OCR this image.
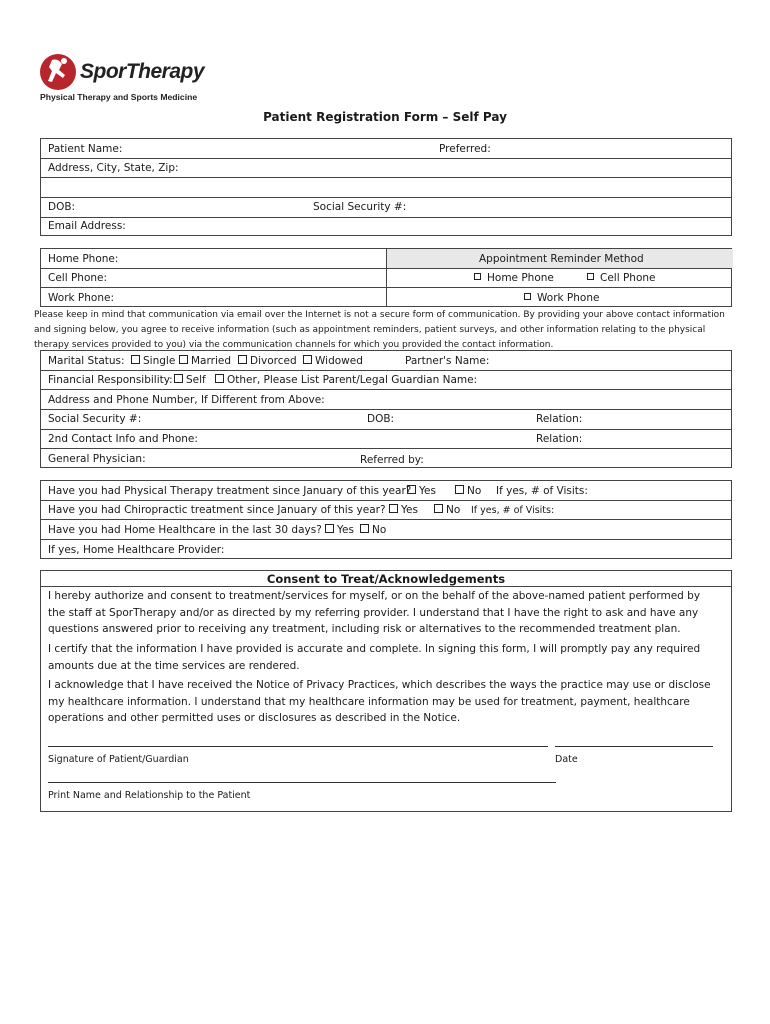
SporTherapy
Physical Therapy and Sports Medicine
Patient Registration Form – Self Pay
Patient Name:	Preferred:
Address, City, State, Zip:
DOB:	Social Security #:
Email Address:
Home Phone:	Appointment Reminder Method
Cell Phone:	Home Phone	Cell Phone
Work Phone:	Work Phone
Please keep in mind that communication via email over the Internet is not a secure form of communication. By providing your above contact information and signing below, you agree to receive information (such as appointment reminders, patient surveys, and other information relating to the physical therapy services provided to you) via the communication channels for which you provided the contact information.
Marital Status:	Single	Married	Divorced	Widowed	Partner's Name:
Financial Responsibility:	Self	Other, Please List Parent/Legal Guardian Name:
Address and Phone Number, If Different from Above:
Social Security #:	DOB:	Relation:
2nd Contact Info and Phone:	Relation:
General Physician:	Referred by:
Have you had Physical Therapy treatment since January of this year? Yes	No If yes, # of Visits:
Have you had Chiropractic treatment since January of this year?	Yes	No If yes, # of Visits:
Have you had Home Healthcare in the last 30 days?	Yes	No
If yes, Home Healthcare Provider:
Consent to Treat/Acknowledgements
I hereby authorize and consent to treatment/services for myself, or on the behalf of the above-named patient performed by the staff at SporTherapy and/or as directed by my referring provider. I understand that I have the right to ask and have any questions answered prior to receiving any treatment, including risk or alternatives to the recommended treatment plan.
I certify that the information I have provided is accurate and complete. In signing this form, I will promptly pay any required amounts due at the time services are rendered.
I acknowledge that I have received the Notice of Privacy Practices, which describes the ways the practice may use or disclose my healthcare information. I understand that my healthcare information may be used for treatment, payment, healthcare operations and other permitted uses or disclosures as described in the Notice.
Signature of Patient/Guardian	Date
Print Name and Relationship to the Patient
